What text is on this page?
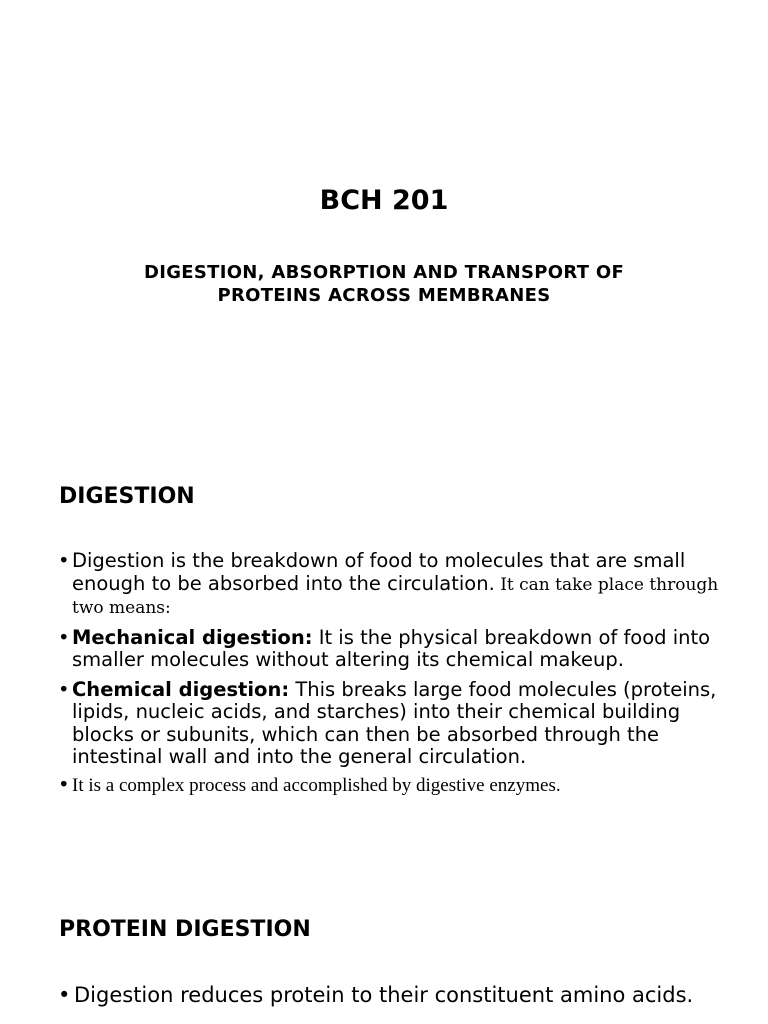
BCH 201
DIGESTION, ABSORPTION AND TRANSPORT OF PROTEINS ACROSS MEMBRANES
DIGESTION
• Digestion is the breakdown of food to molecules that are small enough to be absorbed into the circulation. It can take place through two means:
• Mechanical digestion: It is the physical breakdown of food into smaller molecules without altering its chemical makeup.
• Chemical digestion: This breaks large food molecules (proteins, lipids, nucleic acids, and starches) into their chemical building blocks or subunits, which can then be absorbed through the intestinal wall and into the general circulation.
• It is a complex process and accomplished by digestive enzymes.
PROTEIN DIGESTION
• Digestion reduces protein to their constituent amino acids.
